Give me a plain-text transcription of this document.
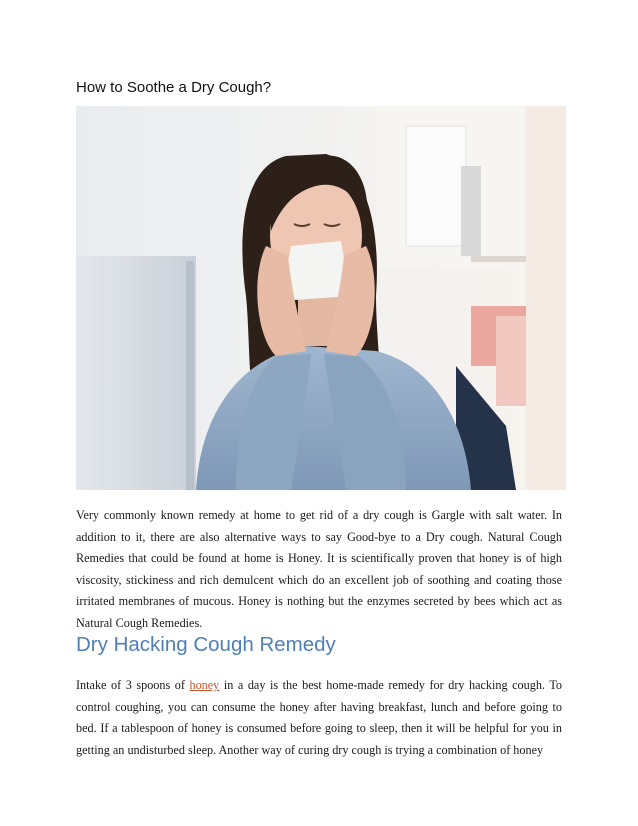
How to Soothe a Dry Cough?

Very commonly known remedy at home to get rid of a dry cough is Gargle with salt water. In addition to it, there are also alternative ways to say Good-bye to a Dry cough. Natural Cough Remedies that could be found at home is Honey. It is scientifically proven that honey is of high viscosity, stickiness and rich demulcent which do an excellent job of soothing and coating those irritated membranes of mucous. Honey is nothing but the enzymes secreted by bees which act as Natural Cough Remedies.

Dry Hacking Cough Remedy

Intake of 3 spoons of honey in a day is the best home-made remedy for dry hacking cough. To control coughing, you can consume the honey after having breakfast, lunch and before going to bed. If a tablespoon of honey is consumed before going to sleep, then it will be helpful for you in getting an undisturbed sleep. Another way of curing dry cough is trying a combination of honey
